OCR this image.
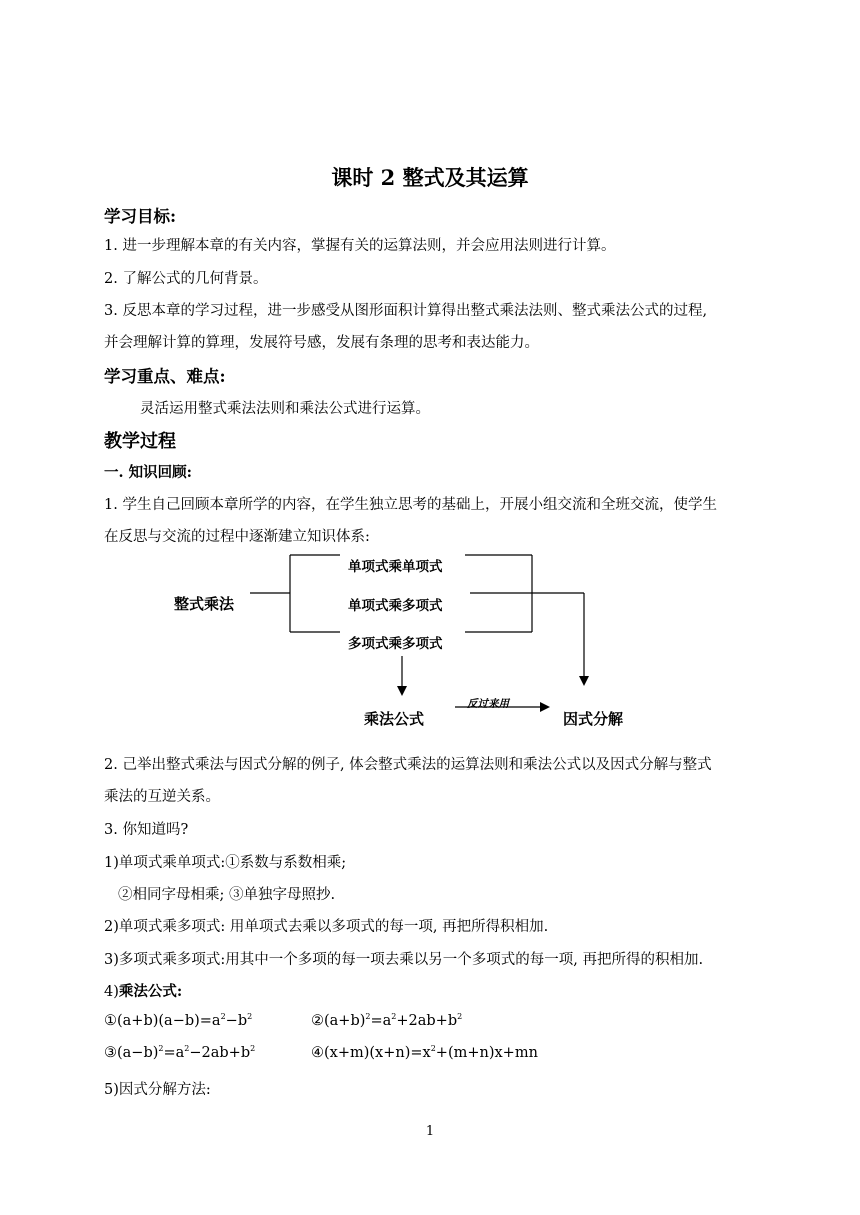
课时 2 整式及其运算
学习目标:
1. 进一步理解本章的有关内容，掌握有关的运算法则，并会应用法则进行计算。
2. 了解公式的几何背景。
3. 反思本章的学习过程，进一步感受从图形面积计算得出整式乘法法则、整式乘法公式的过程,
并会理解计算的算理，发展符号感，发展有条理的思考和表达能力。
学习重点、难点:
灵活运用整式乘法法则和乘法公式进行运算。
教学过程
一. 知识回顾:
1. 学生自己回顾本章所学的内容，在学生独立思考的基础上，开展小组交流和全班交流，使学生
在反思与交流的过程中逐渐建立知识体系:
整式乘法
单项式乘单项式
单项式乘多项式
多项式乘多项式
乘法公式
反过来用
因式分解
2. 己举出整式乘法与因式分解的例子, 体会整式乘法的运算法则和乘法公式以及因式分解与整式
乘法的互逆关系。
3. 你知道吗?
1)单项式乘单项式:①系数与系数相乘;
②相同字母相乘; ③单独字母照抄.
2)单项式乘多项式: 用单项式去乘以多项式的每一项, 再把所得积相加.
3)多项式乘多项式:用其中一个多项的每一项去乘以另一个多项式的每一项, 再把所得的积相加.
4)乘法公式:
$①(a+b)(a-b)=a^2-b^2$	$②(a+b)^2=a^2+2ab+b^2$
$③(a-b)^2=a^2-2ab+b^2$	$④(x+m)(x+n)=x^2+(m+n)x+mn$
5)因式分解方法:
1
